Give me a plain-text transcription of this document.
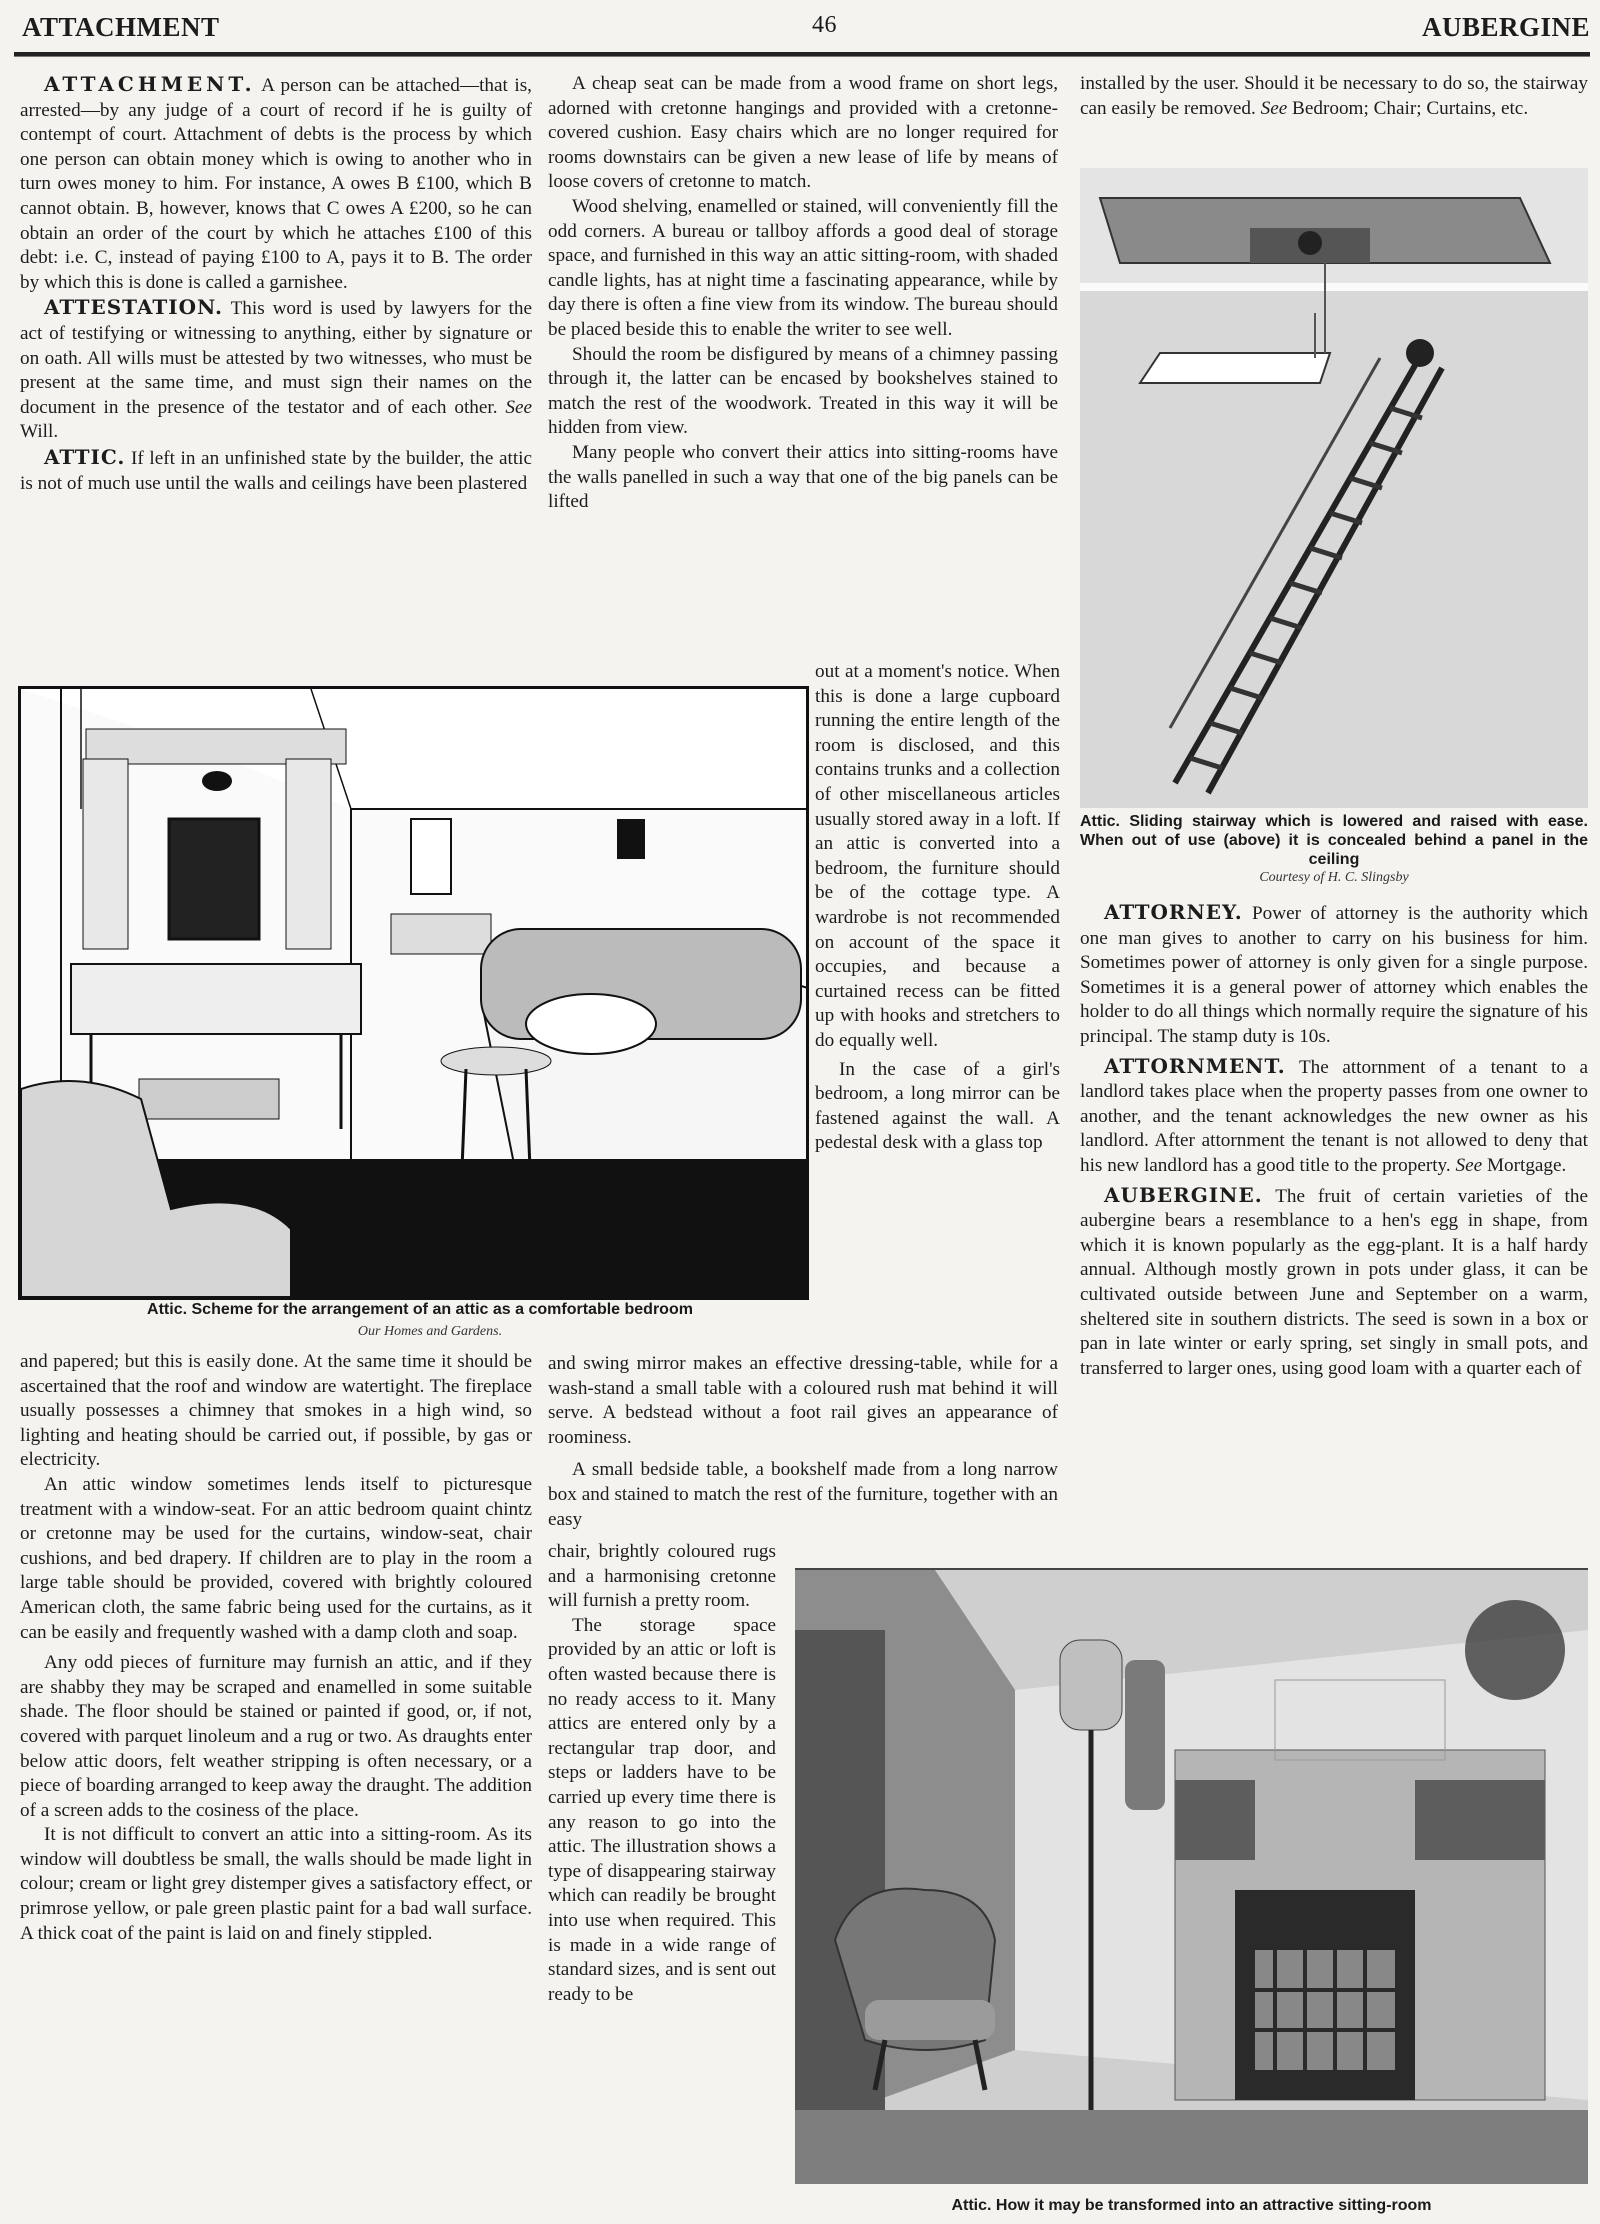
ATTACHMENT	46	AUBERGINE

ATTACHMENT. A person can be attached—that is, arrested—by any judge of a court of record if he is guilty of contempt of court. Attachment of debts is the process by which one person can obtain money which is owing to another who in turn owes money to him. For instance, A owes B £100, which B cannot obtain. B, however, knows that C owes A £200, so he can obtain an order of the court by which he attaches £100 of this debt: i.e. C, instead of paying £100 to A, pays it to B. The order by which this is done is called a garnishee.

ATTESTATION. This word is used by lawyers for the act of testifying or witnessing to anything, either by signature or on oath. All wills must be attested by two witnesses, who must be present at the same time, and must sign their names on the document in the presence of the testator and of each other. See Will.

ATTIC. If left in an unfinished state by the builder, the attic is not of much use until the walls and ceilings have been plastered

A cheap seat can be made from a wood frame on short legs, adorned with cretonne hangings and provided with a cretonne-covered cushion. Easy chairs which are no longer required for rooms downstairs can be given a new lease of life by means of loose covers of cretonne to match.

Wood shelving, enamelled or stained, will conveniently fill the odd corners. A bureau or tallboy affords a good deal of storage space, and furnished in this way an attic sitting-room, with shaded candle lights, has at night time a fascinating appearance, while by day there is often a fine view from its window. The bureau should be placed beside this to enable the writer to see well.

Should the room be disfigured by means of a chimney passing through it, the latter can be encased by bookshelves stained to match the rest of the woodwork. Treated in this way it will be hidden from view.

Many people who convert their attics into sitting-rooms have the walls panelled in such a way that one of the big panels can be lifted

Attic. Scheme for the arrangement of an attic as a comfortable bedroom
Our Homes and Gardens.

out at a moment's notice. When this is done a large cupboard running the entire length of the room is disclosed, and this contains trunks and a collection of other miscellaneous articles usually stored away in a loft. If an attic is converted into a bedroom, the furniture should be of the cottage type. A wardrobe is not recommended on account of the space it occupies, and because a curtained recess can be fitted up with hooks and stretchers to do equally well.

In the case of a girl's bedroom, a long mirror can be fastened against the wall. A pedestal desk with a glass top

and papered; but this is easily done. At the same time it should be ascertained that the roof and window are watertight. The fireplace usually possesses a chimney that smokes in a high wind, so lighting and heating should be carried out, if possible, by gas or electricity.

An attic window sometimes lends itself to picturesque treatment with a window-seat. For an attic bedroom quaint chintz or cretonne may be used for the curtains, window-seat, chair cushions, and bed drapery. If children are to play in the room a large table should be provided, covered with brightly coloured American cloth, the same fabric being used for the curtains, as it can be easily and frequently washed with a damp cloth and soap.

Any odd pieces of furniture may furnish an attic, and if they are shabby they may be scraped and enamelled in some suitable shade. The floor should be stained or painted if good, or, if not, covered with parquet linoleum and a rug or two. As draughts enter below attic doors, felt weather stripping is often necessary, or a piece of boarding arranged to keep away the draught. The addition of a screen adds to the cosiness of the place.

It is not difficult to convert an attic into a sitting-room. As its window will doubtless be small, the walls should be made light in colour; cream or light grey distemper gives a satisfactory effect, or primrose yellow, or pale green plastic paint for a bad wall surface. A thick coat of the paint is laid on and finely stippled.

and swing mirror makes an effective dressing-table, while for a wash-stand a small table with a coloured rush mat behind it will serve. A bedstead without a foot rail gives an appearance of roominess.

A small bedside table, a bookshelf made from a long narrow box and stained to match the rest of the furniture, together with an easy

chair, brightly coloured rugs and a harmonising cretonne will furnish a pretty room.

The storage space provided by an attic or loft is often wasted because there is no ready access to it. Many attics are entered only by a rectangular trap door, and steps or ladders have to be carried up every time there is any reason to go into the attic. The illustration shows a type of disappearing stairway which can readily be brought into use when required. This is made in a wide range of standard sizes, and is sent out ready to be

installed by the user. Should it be necessary to do so, the stairway can easily be removed. See Bedroom; Chair; Curtains, etc.

Attic. Sliding stairway which is lowered and raised with ease. When out of use (above) it is concealed behind a panel in the ceiling
Courtesy of H. C. Slingsby

ATTORNEY. Power of attorney is the authority which one man gives to another to carry on his business for him. Sometimes power of attorney is only given for a single purpose. Sometimes it is a general power of attorney which enables the holder to do all things which normally require the signature of his principal. The stamp duty is 10s.

ATTORNMENT. The attornment of a tenant to a landlord takes place when the property passes from one owner to another, and the tenant acknowledges the new owner as his landlord. After attornment the tenant is not allowed to deny that his new landlord has a good title to the property. See Mortgage.

AUBERGINE. The fruit of certain varieties of the aubergine bears a resemblance to a hen's egg in shape, from which it is known popularly as the egg-plant. It is a half hardy annual. Although mostly grown in pots under glass, it can be cultivated outside between June and September on a warm, sheltered site in southern districts. The seed is sown in a box or pan in late winter or early spring, set singly in small pots, and transferred to larger ones, using good loam with a quarter each of

Attic. How it may be transformed into an attractive sitting-room
